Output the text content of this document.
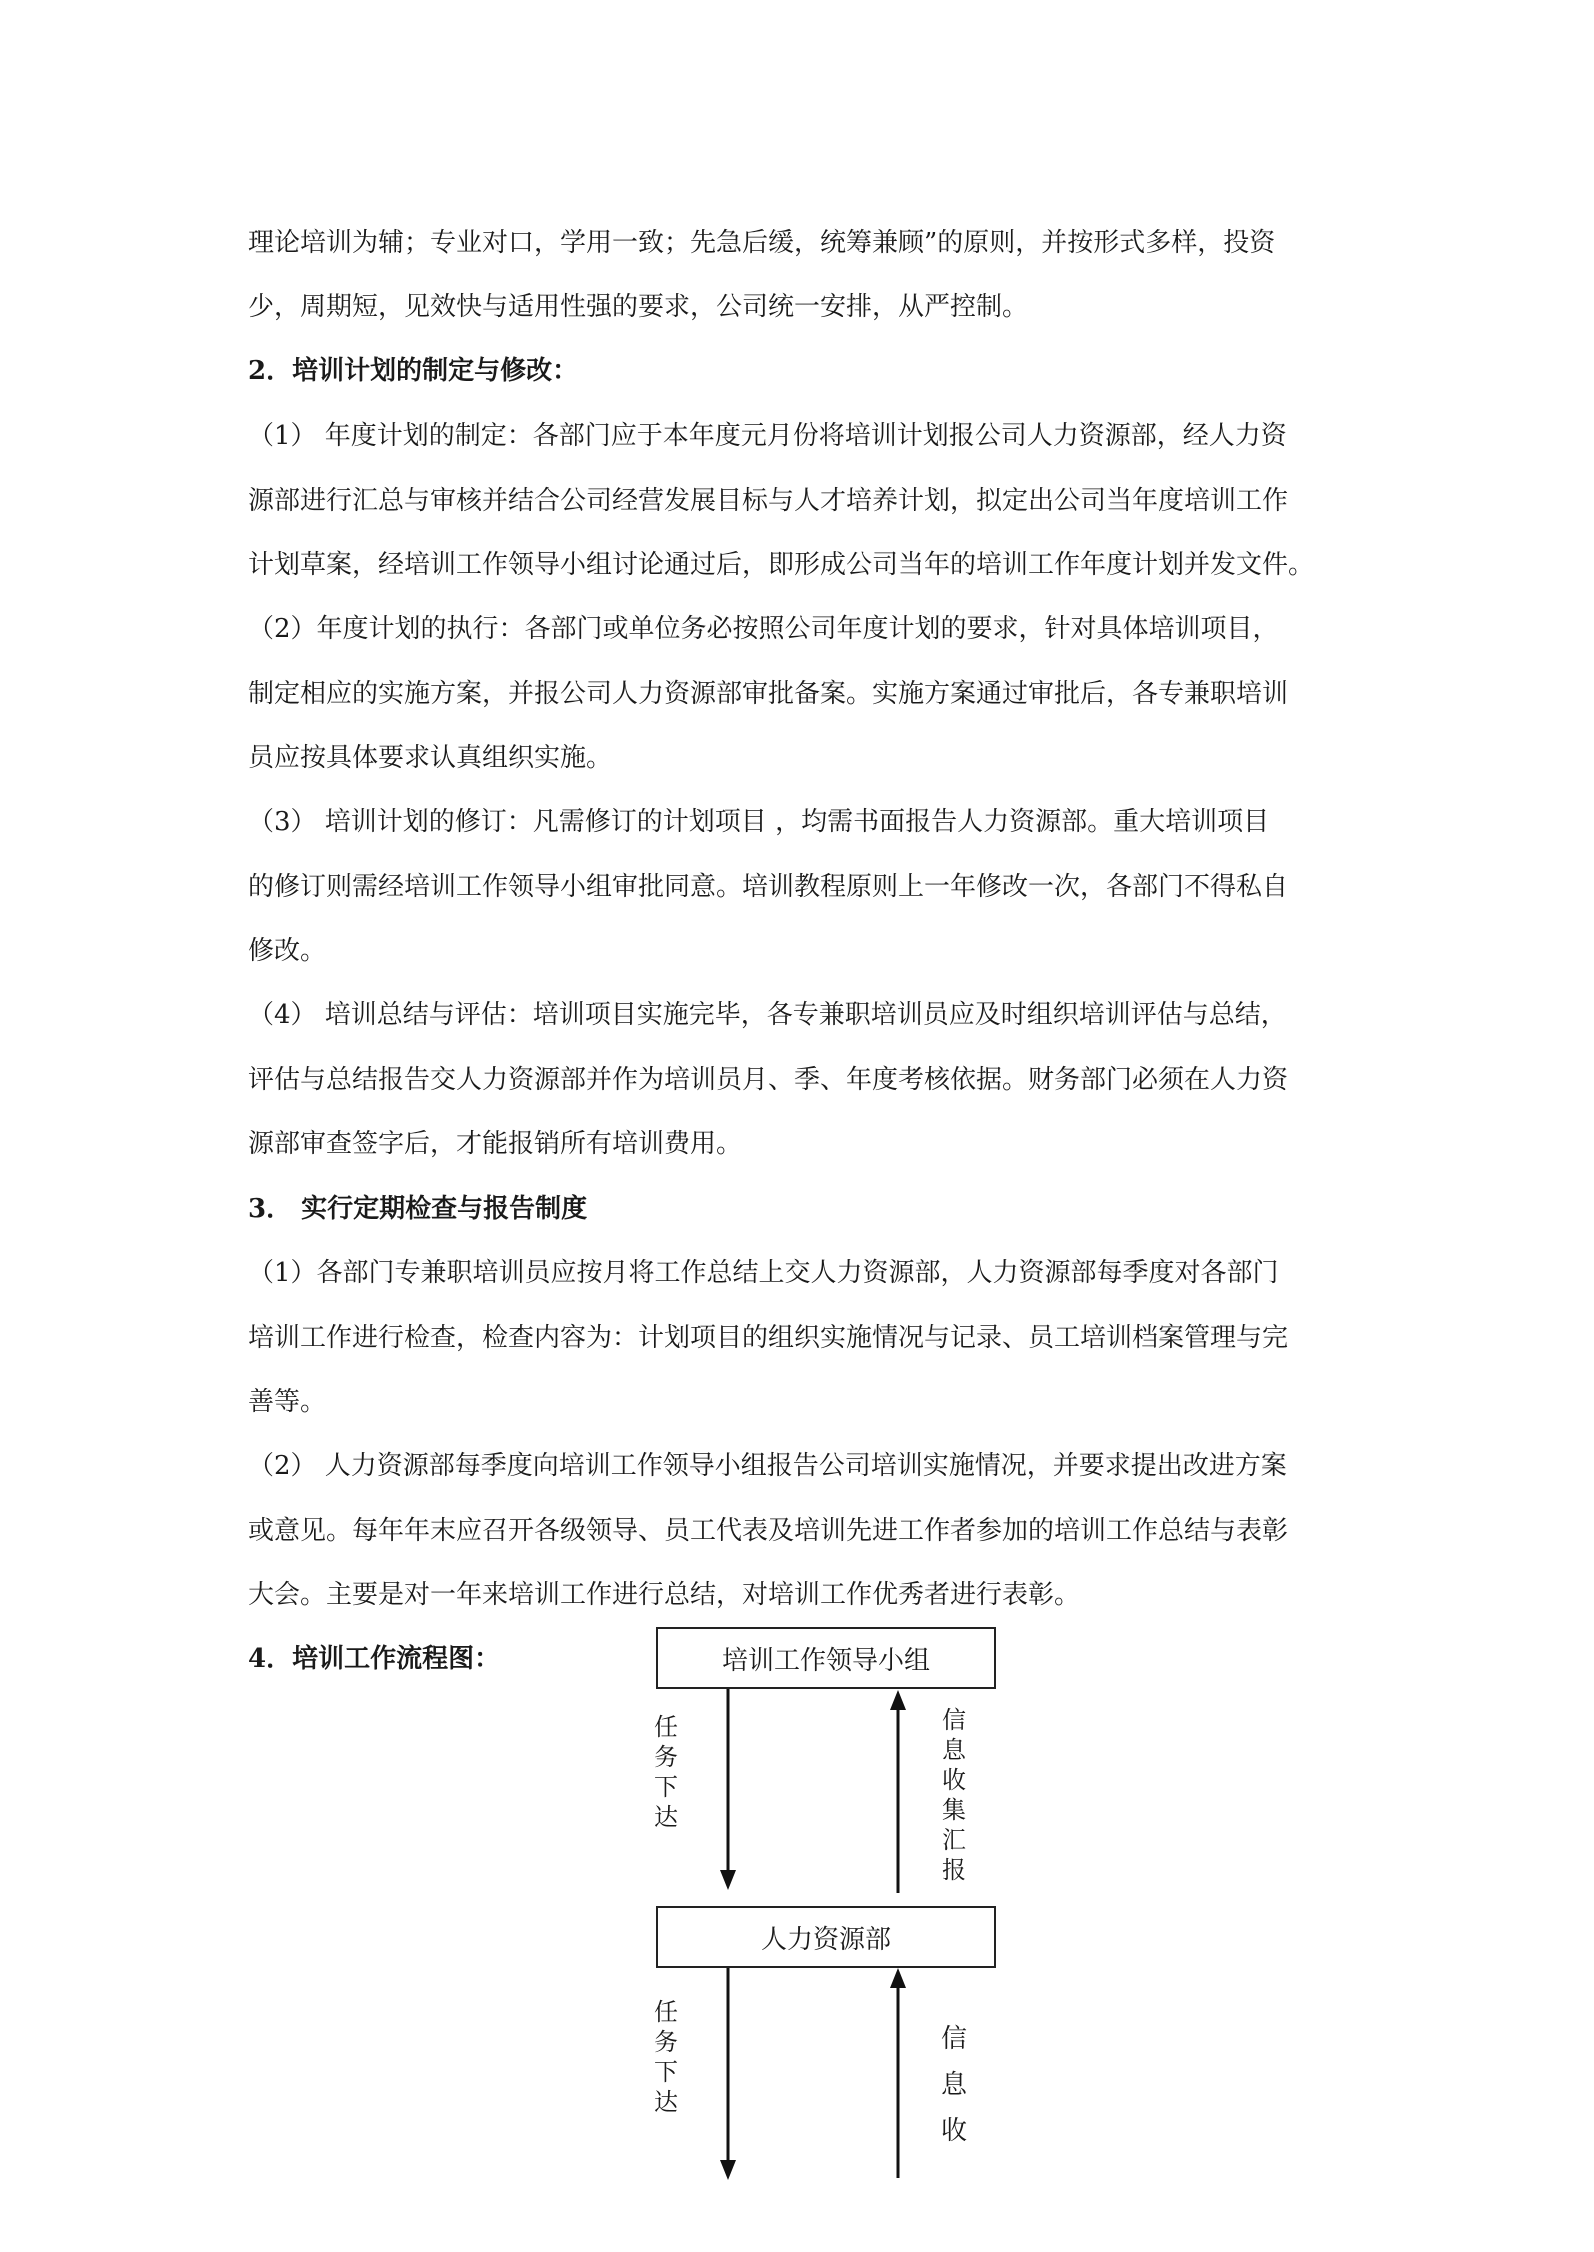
理论培训为辅；专业对口，学用一致；先急后缓，统筹兼顾”的原则，并按形式多样，投资
少，周期短，见效快与适用性强的要求，公司统一安排，从严控制。
2．培训计划的制定与修改：
（1） 年度计划的制定：各部门应于本年度元月份将培训计划报公司人力资源部，经人力资
源部进行汇总与审核并结合公司经营发展目标与人才培养计划，拟定出公司当年度培训工作
计划草案，经培训工作领导小组讨论通过后，即形成公司当年的培训工作年度计划并发文件。
（2）年度计划的执行：各部门或单位务必按照公司年度计划的要求，针对具体培训项目，
制定相应的实施方案，并报公司人力资源部审批备案。实施方案通过审批后，各专兼职培训
员应按具体要求认真组织实施。
（3） 培训计划的修订：凡需修订的计划项目 ，均需书面报告人力资源部。重大培训项目
的修订则需经培训工作领导小组审批同意。培训教程原则上一年修改一次，各部门不得私自
修改。
（4） 培训总结与评估：培训项目实施完毕，各专兼职培训员应及时组织培训评估与总结，
评估与总结报告交人力资源部并作为培训员月、季、年度考核依据。财务部门必须在人力资
源部审查签字后，才能报销所有培训费用。
3． 实行定期检查与报告制度
（1）各部门专兼职培训员应按月将工作总结上交人力资源部，人力资源部每季度对各部门
培训工作进行检查，检查内容为：计划项目的组织实施情况与记录、员工培训档案管理与完
善等。
（2） 人力资源部每季度向培训工作领导小组报告公司培训实施情况，并要求提出改进方案
或意见。每年年末应召开各级领导、员工代表及培训先进工作者参加的培训工作总结与表彰
大会。主要是对一年来培训工作进行总结，对培训工作优秀者进行表彰。
4．培训工作流程图：	培训工作领导小组
人力资源部
任
务
下
达
信
息
收
集
汇
报
任
务
下
达
信
息
收
